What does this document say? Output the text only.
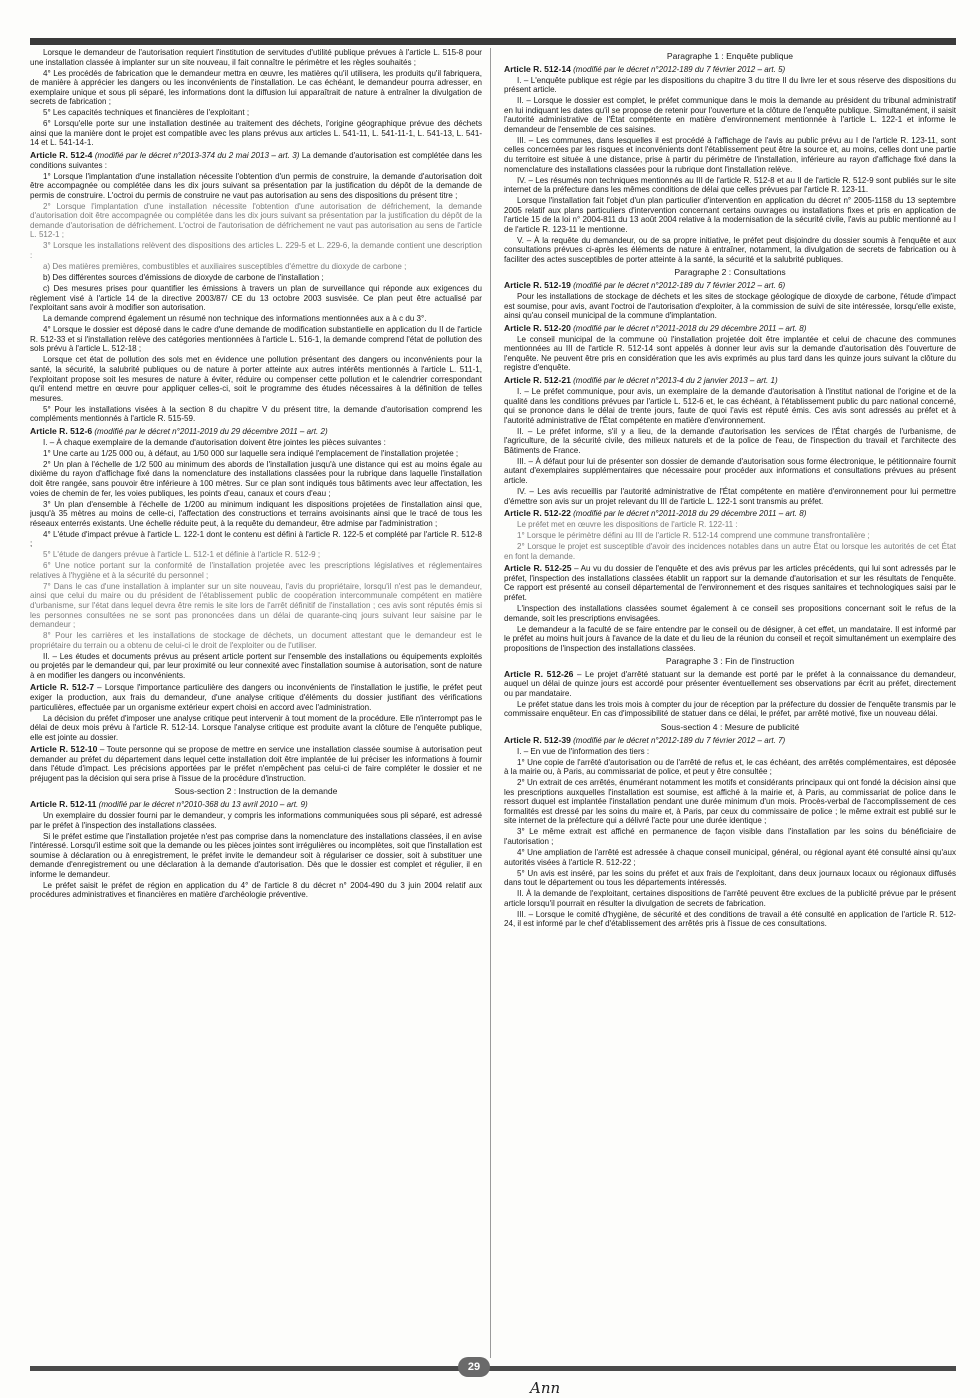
Lorsque le demandeur de l'autorisation requiert l'institution de servitudes d'utilité publique prévues à l'article L. 515-8 pour une installation classée à implanter sur un site nouveau, il fait connaître le périmètre et les règles souhaités ;

4° Les procédés de fabrication que le demandeur mettra en œuvre, les matières qu'il utilisera, les produits qu'il fabriquera, de manière à apprécier les dangers ou les inconvénients de l'installation. Le cas échéant, le demandeur pourra adresser, en exemplaire unique et sous pli séparé, les informations dont la diffusion lui apparaîtrait de nature à entraîner la divulgation de secrets de fabrication ;

5° Les capacités techniques et financières de l'exploitant ;

6° Lorsqu'elle porte sur une installation destinée au traitement des déchets, l'origine géographique prévue des déchets ainsi que la manière dont le projet est compatible avec les plans prévus aux articles L. 541-11, L. 541-11-1, L. 541-13, L. 541-14 et L. 541-14-1.

Article R. 512-4 (modifié par le décret n°2013-374 du 2 mai 2013 – art. 3) La demande d'autorisation est complétée dans les conditions suivantes :

1° Lorsque l'implantation d'une installation nécessite l'obtention d'un permis de construire, la demande d'autorisation doit être accompagnée ou complétée dans les dix jours suivant sa présentation par la justification du dépôt de la demande de permis de construire. L'octroi du permis de construire ne vaut pas autorisation au sens des dispositions du présent titre ;

2° Lorsque l'implantation d'une installation nécessite l'obtention d'une autorisation de défrichement, la demande d'autorisation doit être accompagnée ou complétée dans les dix jours suivant sa présentation par la justification du dépôt de la demande d'autorisation de défrichement. L'octroi de l'autorisation de défrichement ne vaut pas autorisation au sens de l'article L. 512-1 ;

3° Lorsque les installations relèvent des dispositions des articles L. 229-5 et L. 229-6, la demande contient une description :

a) Des matières premières, combustibles et auxiliaires susceptibles d'émettre du dioxyde de carbone ;

b) Des différentes sources d'émissions de dioxyde de carbone de l'installation ;

c) Des mesures prises pour quantifier les émissions à travers un plan de surveillance qui réponde aux exigences du règlement visé à l'article 14 de la directive 2003/87/ CE du 13 octobre 2003 susvisée. Ce plan peut être actualisé par l'exploitant sans avoir à modifier son autorisation.

La demande comprend également un résumé non technique des informations mentionnées aux a à c du 3°.

4° Lorsque le dossier est déposé dans le cadre d'une demande de modification substantielle en application du II de l'article R. 512-33 et si l'installation relève des catégories mentionnées à l'article L. 516-1, la demande comprend l'état de pollution des sols prévu à l'article L. 512-18 ;

Lorsque cet état de pollution des sols met en évidence une pollution présentant des dangers ou inconvénients pour la santé, la sécurité, la salubrité publiques ou de nature à porter atteinte aux autres intérêts mentionnés à l'article L. 511-1, l'exploitant propose soit les mesures de nature à éviter, réduire ou compenser cette pollution et le calendrier correspondant qu'il entend mettre en œuvre pour appliquer celles-ci, soit le programme des études nécessaires à la définition de telles mesures.

5° Pour les installations visées à la section 8 du chapitre V du présent titre, la demande d'autorisation comprend les compléments mentionnés à l'article R. 515-59.

Article R. 512-6 (modifié par le décret n°2011-2019 du 29 décembre 2011 – art. 2)

I. – À chaque exemplaire de la demande d'autorisation doivent être jointes les pièces suivantes :

1° Une carte au 1/25 000 ou, à défaut, au 1/50 000 sur laquelle sera indiqué l'emplacement de l'installation projetée ;

2° Un plan à l'échelle de 1/2 500 au minimum des abords de l'installation jusqu'à une distance qui est au moins égale au dixième du rayon d'affichage fixé dans la nomenclature des installations classées pour la rubrique dans laquelle l'installation doit être rangée, sans pouvoir être inférieure à 100 mètres. Sur ce plan sont indiqués tous bâtiments avec leur affectation, les voies de chemin de fer, les voies publiques, les points d'eau, canaux et cours d'eau ;

3° Un plan d'ensemble à l'échelle de 1/200 au minimum indiquant les dispositions projetées de l'installation ainsi que, jusqu'à 35 mètres au moins de celle-ci, l'affectation des constructions et terrains avoisinants ainsi que le tracé de tous les réseaux enterrés existants. Une échelle réduite peut, à la requête du demandeur, être admise par l'administration ;

4° L'étude d'impact prévue à l'article L. 122-1 dont le contenu est défini à l'article R. 122-5 et complété par l'article R. 512-8 ;

5° L'étude de dangers prévue à l'article L. 512-1 et définie à l'article R. 512-9 ;

6° Une notice portant sur la conformité de l'installation projetée avec les prescriptions législatives et réglementaires relatives à l'hygiène et à la sécurité du personnel ;

7° Dans le cas d'une installation à implanter sur un site nouveau, l'avis du propriétaire, lorsqu'il n'est pas le demandeur, ainsi que celui du maire ou du président de l'établissement public de coopération intercommunale compétent en matière d'urbanisme, sur l'état dans lequel devra être remis le site lors de l'arrêt définitif de l'installation ; ces avis sont réputés émis si les personnes consultées ne se sont pas prononcées dans un délai de quarante-cinq jours suivant leur saisine par le demandeur ;

8° Pour les carrières et les installations de stockage de déchets, un document attestant que le demandeur est le propriétaire du terrain ou a obtenu de celui-ci le droit de l'exploiter ou de l'utiliser.

II. – Les études et documents prévus au présent article portent sur l'ensemble des installations ou équipements exploités ou projetés par le demandeur qui, par leur proximité ou leur connexité avec l'installation soumise à autorisation, sont de nature à en modifier les dangers ou inconvénients.

Article R. 512-7 – Lorsque l'importance particulière des dangers ou inconvénients de l'installation le justifie, le préfet peut exiger la production, aux frais du demandeur, d'une analyse critique d'éléments du dossier justifiant des vérifications particulières, effectuée par un organisme extérieur expert choisi en accord avec l'administration.

La décision du préfet d'imposer une analyse critique peut intervenir à tout moment de la procédure. Elle n'interrompt pas le délai de deux mois prévu à l'article R. 512-14. Lorsque l'analyse critique est produite avant la clôture de l'enquête publique, elle est jointe au dossier.

Article R. 512-10 – Toute personne qui se propose de mettre en service une installation classée soumise à autorisation peut demander au préfet du département dans lequel cette installation doit être implantée de lui préciser les informations à fournir dans l'étude d'impact. Les précisions apportées par le préfet n'empêchent pas celui-ci de faire compléter le dossier et ne préjugent pas la décision qui sera prise à l'issue de la procédure d'instruction.

Sous-section 2 : Instruction de la demande

Article R. 512-11 (modifié par le décret n°2010-368 du 13 avril 2010 – art. 9)

Un exemplaire du dossier fourni par le demandeur, y compris les informations communiquées sous pli séparé, est adressé par le préfet à l'inspection des installations classées.

Si le préfet estime que l'installation projetée n'est pas comprise dans la nomenclature des installations classées, il en avise l'intéressé. Lorsqu'il estime soit que la demande ou les pièces jointes sont irrégulières ou incomplètes, soit que l'installation est soumise à déclaration ou à enregistrement, le préfet invite le demandeur soit à régulariser ce dossier, soit à substituer une demande d'enregistrement ou une déclaration à la demande d'autorisation. Dès que le dossier est complet et régulier, il en informe le demandeur.

Le préfet saisit le préfet de région en application du 4° de l'article 8 du décret n° 2004-490 du 3 juin 2004 relatif aux procédures administratives et financières en matière d'archéologie préventive.

Paragraphe 1 : Enquête publique

Article R. 512-14 (modifié par le décret n°2012-189 du 7 février 2012 – art. 5)

I. – L'enquête publique est régie par les dispositions du chapitre 3 du titre II du livre Ier et sous réserve des dispositions du présent article.

II. – Lorsque le dossier est complet, le préfet communique dans le mois la demande au président du tribunal administratif en lui indiquant les dates qu'il se propose de retenir pour l'ouverture et la clôture de l'enquête publique. Simultanément, il saisit l'autorité administrative de l'État compétente en matière d'environnement mentionnée à l'article L. 122-1 et informe le demandeur de l'ensemble de ces saisines.

III. – Les communes, dans lesquelles il est procédé à l'affichage de l'avis au public prévu au I de l'article R. 123-11, sont celles concernées par les risques et inconvénients dont l'établissement peut être la source et, au moins, celles dont une partie du territoire est située à une distance, prise à partir du périmètre de l'installation, inférieure au rayon d'affichage fixé dans la nomenclature des installations classées pour la rubrique dont l'installation relève.

IV. – Les résumés non techniques mentionnés au III de l'article R. 512-8 et au II de l'article R. 512-9 sont publiés sur le site internet de la préfecture dans les mêmes conditions de délai que celles prévues par l'article R. 123-11.

Lorsque l'installation fait l'objet d'un plan particulier d'intervention en application du décret n° 2005-1158 du 13 septembre 2005 relatif aux plans particuliers d'intervention concernant certains ouvrages ou installations fixes et pris en application de l'article 15 de la loi n° 2004-811 du 13 août 2004 relative à la modernisation de la sécurité civile, l'avis au public mentionné au I de l'article R. 123-11 le mentionne.

V. – À la requête du demandeur, ou de sa propre initiative, le préfet peut disjoindre du dossier soumis à l'enquête et aux consultations prévues ci-après les éléments de nature à entraîner, notamment, la divulgation de secrets de fabrication ou à faciliter des actes susceptibles de porter atteinte à la santé, la sécurité et la salubrité publiques.

Paragraphe 2 : Consultations

Article R. 512-19 (modifié par le décret n°2012-189 du 7 février 2012 – art. 6)

Pour les installations de stockage de déchets et les sites de stockage géologique de dioxyde de carbone, l'étude d'impact est soumise, pour avis, avant l'octroi de l'autorisation d'exploiter, à la commission de suivi de site intéressée, lorsqu'elle existe, ainsi qu'au conseil municipal de la commune d'implantation.

Article R. 512-20 (modifié par le décret n°2011-2018 du 29 décembre 2011 – art. 8)

Le conseil municipal de la commune où l'installation projetée doit être implantée et celui de chacune des communes mentionnées au III de l'article R. 512-14 sont appelés à donner leur avis sur la demande d'autorisation dès l'ouverture de l'enquête. Ne peuvent être pris en considération que les avis exprimés au plus tard dans les quinze jours suivant la clôture du registre d'enquête.

Article R. 512-21 (modifié par le décret n°2013-4 du 2 janvier 2013 – art. 1)

I. – Le préfet communique, pour avis, un exemplaire de la demande d'autorisation à l'institut national de l'origine et de la qualité dans les conditions prévues par l'article L. 512-6 et, le cas échéant, à l'établissement public du parc national concerné, qui se prononce dans le délai de trente jours, faute de quoi l'avis est réputé émis. Ces avis sont adressés au préfet et à l'autorité administrative de l'État compétente en matière d'environnement.

II. – Le préfet informe, s'il y a lieu, de la demande d'autorisation les services de l'État chargés de l'urbanisme, de l'agriculture, de la sécurité civile, des milieux naturels et de la police de l'eau, de l'inspection du travail et l'architecte des Bâtiments de France.

III. – À défaut pour lui de présenter son dossier de demande d'autorisation sous forme électronique, le pétitionnaire fournit autant d'exemplaires supplémentaires que nécessaire pour procéder aux informations et consultations prévues au présent article.

IV. – Les avis recueillis par l'autorité administrative de l'État compétente en matière d'environnement pour lui permettre d'émettre son avis sur un projet relevant du III de l'article L. 122-1 sont transmis au préfet.

Article R. 512-22 (modifié par le décret n°2011-2018 du 29 décembre 2011 – art. 8)

Le préfet met en œuvre les dispositions de l'article R. 122-11 :

1° Lorsque le périmètre défini au III de l'article R. 512-14 comprend une commune transfrontalière ;

2° Lorsque le projet est susceptible d'avoir des incidences notables dans un autre État ou lorsque les autorités de cet État en font la demande.

Article R. 512-25 – Au vu du dossier de l'enquête et des avis prévus par les articles précédents, qui lui sont adressés par le préfet, l'inspection des installations classées établit un rapport sur la demande d'autorisation et sur les résultats de l'enquête. Ce rapport est présenté au conseil départemental de l'environnement et des risques sanitaires et technologiques saisi par le préfet.

L'inspection des installations classées soumet également à ce conseil ses propositions concernant soit le refus de la demande, soit les prescriptions envisagées.

Le demandeur a la faculté de se faire entendre par le conseil ou de désigner, à cet effet, un mandataire. Il est informé par le préfet au moins huit jours à l'avance de la date et du lieu de la réunion du conseil et reçoit simultanément un exemplaire des propositions de l'inspection des installations classées.

Paragraphe 3 : Fin de l'instruction

Article R. 512-26 – Le projet d'arrêté statuant sur la demande est porté par le préfet à la connaissance du demandeur, auquel un délai de quinze jours est accordé pour présenter éventuellement ses observations par écrit au préfet, directement ou par mandataire.

Le préfet statue dans les trois mois à compter du jour de réception par la préfecture du dossier de l'enquête transmis par le commissaire enquêteur. En cas d'impossibilité de statuer dans ce délai, le préfet, par arrêté motivé, fixe un nouveau délai.

Sous-section 4 : Mesure de publicité

Article R. 512-39 (modifié par le décret n°2012-189 du 7 février 2012 – art. 7)

I. – En vue de l'information des tiers :

1° Une copie de l'arrêté d'autorisation ou de l'arrêté de refus et, le cas échéant, des arrêtés complémentaires, est déposée à la mairie ou, à Paris, au commissariat de police, et peut y être consultée ;

2° Un extrait de ces arrêtés, énumérant notamment les motifs et considérants principaux qui ont fondé la décision ainsi que les prescriptions auxquelles l'installation est soumise, est affiché à la mairie et, à Paris, au commissariat de police dans le ressort duquel est implantée l'installation pendant une durée minimum d'un mois. Procès-verbal de l'accomplissement de ces formalités est dressé par les soins du maire et, à Paris, par ceux du commissaire de police ; le même extrait est publié sur le site internet de la préfecture qui a délivré l'acte pour une durée identique ;

3° Le même extrait est affiché en permanence de façon visible dans l'installation par les soins du bénéficiaire de l'autorisation ;

4° Une ampliation de l'arrêté est adressée à chaque conseil municipal, général, ou régional ayant été consulté ainsi qu'aux autorités visées à l'article R. 512-22 ;

5° Un avis est inséré, par les soins du préfet et aux frais de l'exploitant, dans deux journaux locaux ou régionaux diffusés dans tout le département ou tous les départements intéressés.

II. À la demande de l'exploitant, certaines dispositions de l'arrêté peuvent être exclues de la publicité prévue par le présent article lorsqu'il pourrait en résulter la divulgation de secrets de fabrication.

III. – Lorsque le comité d'hygiène, de sécurité et des conditions de travail a été consulté en application de l'article R. 512-24, il est informé par le chef d'établissement des arrêtés pris à l'issue de ces consultations.

29
Ann
